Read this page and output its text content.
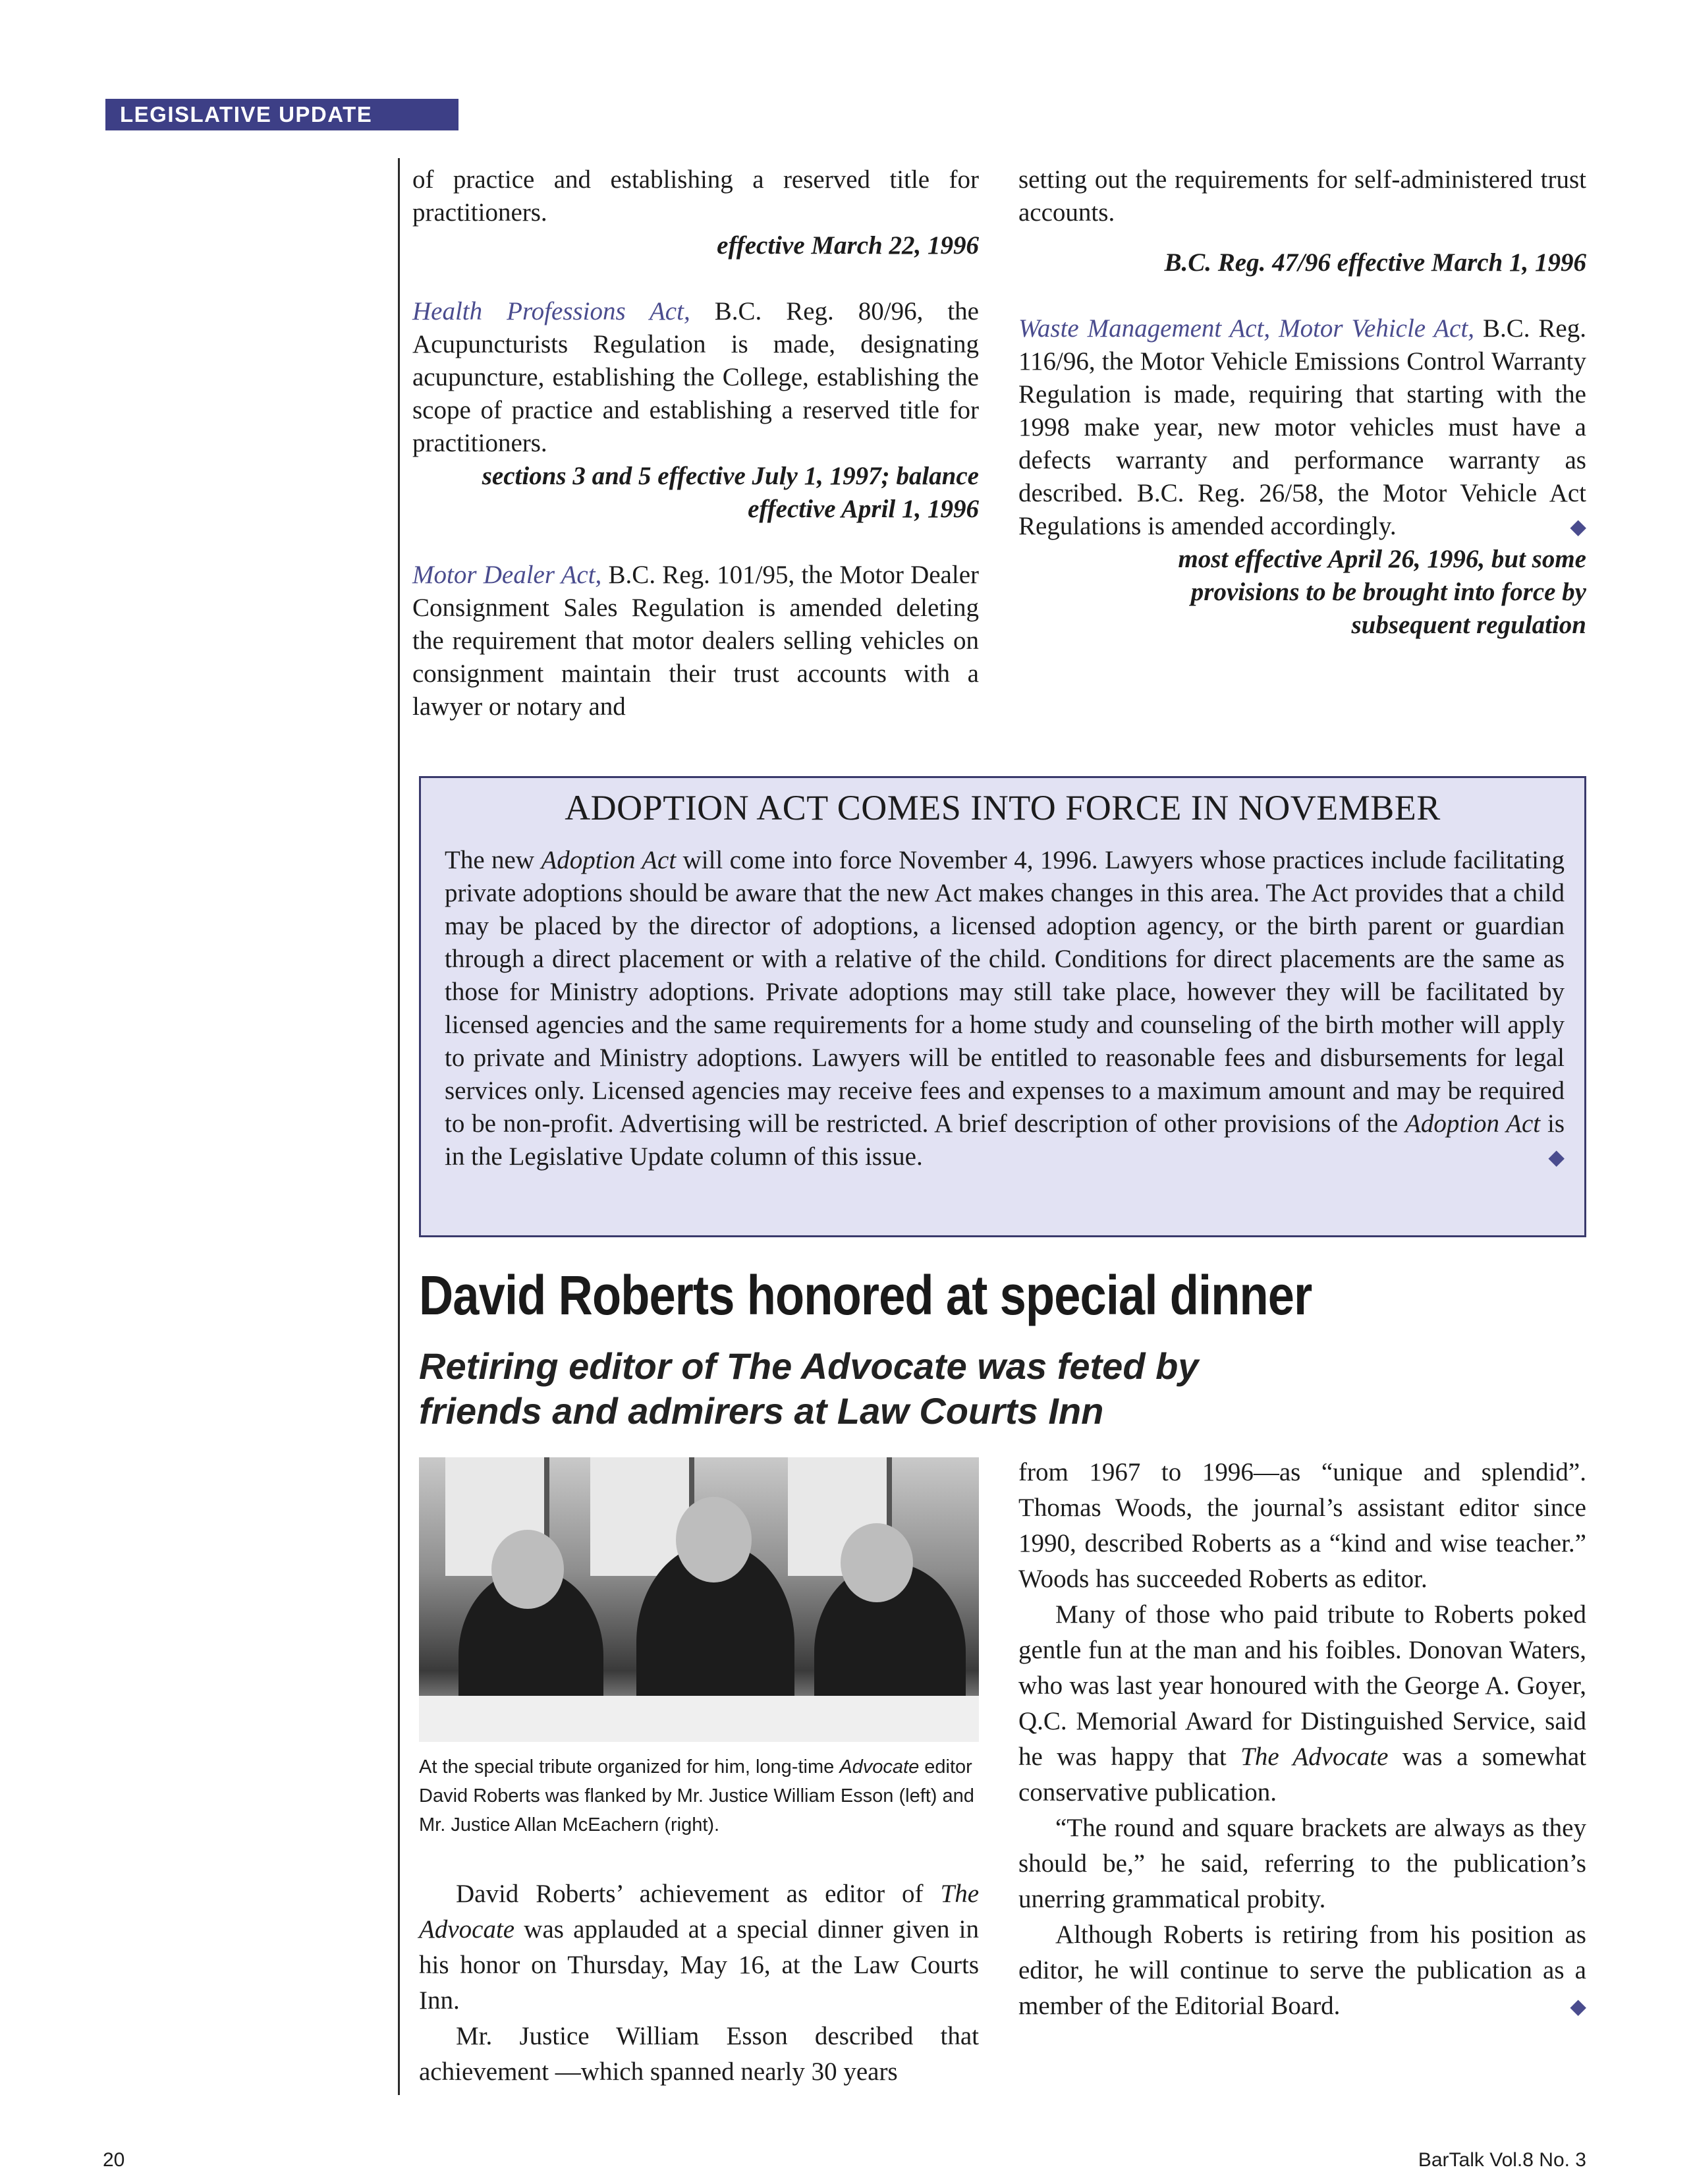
LEGISLATIVE UPDATE

of practice and establishing a reserved title for practitioners.

effective March 22, 1996

Health Professions Act, B.C. Reg. 80/96, the Acupuncturists Regulation is made, designating acupuncture, establishing the College, establishing the scope of practice and establishing a reserved title for practitioners.

sections 3 and 5 effective July 1, 1997; balance

effective April 1, 1996

Motor Dealer Act, B.C. Reg. 101/95, the Motor Dealer Consignment Sales Regulation is amended deleting the requirement that motor dealers selling vehicles on consignment maintain their trust accounts with a lawyer or notary and

setting out the requirements for self-administered trust accounts.

B.C. Reg. 47/96 effective March 1, 1996

Waste Management Act, Motor Vehicle Act, B.C. Reg. 116/96, the Motor Vehicle Emissions Control Warranty Regulation is made, requiring that starting with the 1998 make year, new motor vehicles must have a defects warranty and performance warranty as described. B.C. Reg. 26/58, the Motor Vehicle Act Regulations is amended accordingly.	◆

most effective April 26, 1996, but some

provisions to be brought into force by

subsequent regulation

ADOPTION ACT COMES INTO FORCE IN NOVEMBER
The new Adoption Act will come into force November 4, 1996. Lawyers whose practices include facilitating private adoptions should be aware that the new Act makes changes in this area. The Act provides that a child may be placed by the director of adoptions, a licensed adoption agency, or the birth parent or guardian through a direct placement or with a relative of the child. Conditions for direct placements are the same as those for Ministry adoptions. Private adoptions may still take place, however they will be facilitated by licensed agencies and the same requirements for a home study and counseling of the birth mother will apply to private and Ministry adoptions. Lawyers will be entitled to reasonable fees and disbursements for legal services only. Licensed agencies may receive fees and expenses to a maximum amount and may be required to be non-profit. Advertising will be restricted. A brief description of other provisions of the Adoption Act is in the Legislative Update column of this issue.	◆
David Roberts honored at special dinner
Retiring editor of The Advocate was feted by
friends and admirers at Law Courts Inn
At the special tribute organized for him, long-time Advocate editor David Roberts was flanked by Mr. Justice William Esson (left) and Mr. Justice Allan McEachern (right).

David Roberts’ achievement as editor of The Advocate was applauded at a special dinner given in his honor on Thursday, May 16, at the Law Courts Inn.

Mr. Justice William Esson described that achievement —which spanned nearly 30 years

from 1967 to 1996—as “unique and splendid”. Thomas Woods, the journal’s assistant editor since 1990, described Roberts as a “kind and wise teacher.” Woods has succeeded Roberts as editor.

Many of those who paid tribute to Roberts poked gentle fun at the man and his foibles. Donovan Waters, who was last year honoured with the George A. Goyer, Q.C. Memorial Award for Distinguished Service, said he was happy that The Advocate was a somewhat conservative publication.

“The round and square brackets are always as they should be,” he said, referring to the publication’s unerring grammatical probity.

Although Roberts is retiring from his position as editor, he will continue to serve the publication as a member of the Editorial Board.	◆

20	BarTalk Vol.8 No. 3
